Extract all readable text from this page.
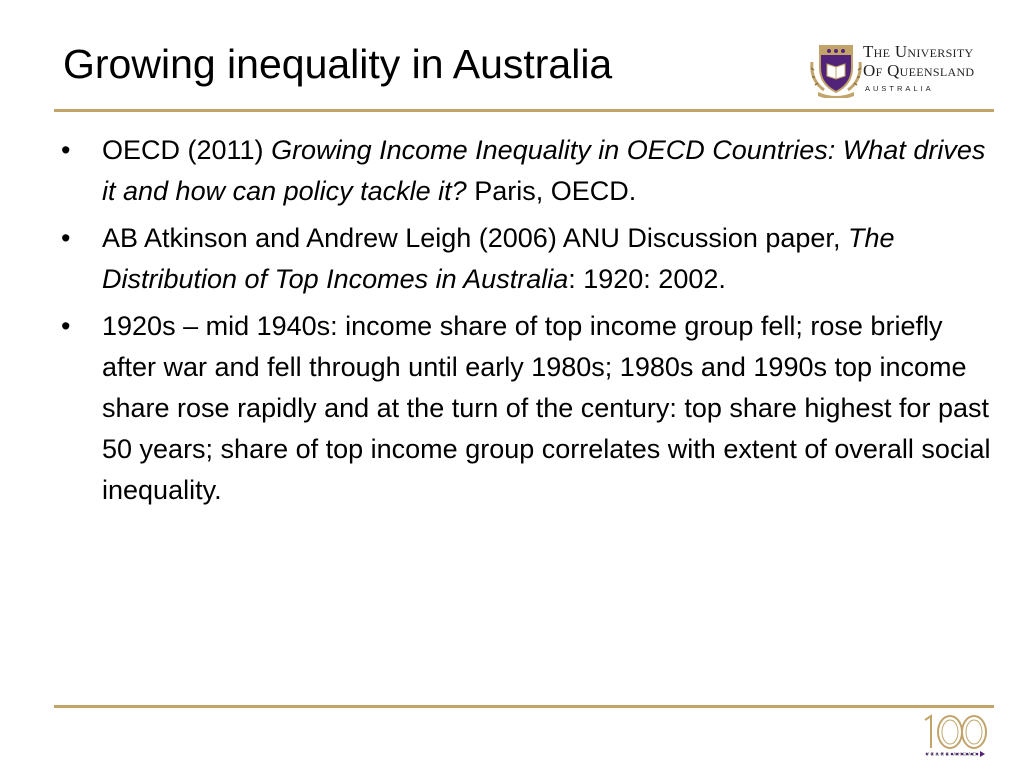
Growing inequality in Australia	The University
Of Queensland
AUSTRALIA
• OECD (2011) Growing Income Inequality in OECD Countries: What drives it and how can policy tackle it? Paris, OECD.
• AB Atkinson and Andrew Leigh (2006) ANU Discussion paper, The Distribution of Top Incomes in Australia: 1920: 2002.
• 1920s – mid 1940s: income share of top income group fell; rose briefly after war and fell through until early 1980s; 1980s and 1990s top income share rose rapidly and at the turn of the century: top share highest for past 50 years; share of top income group correlates with extent of overall social inequality.
YEARS AHEAD
